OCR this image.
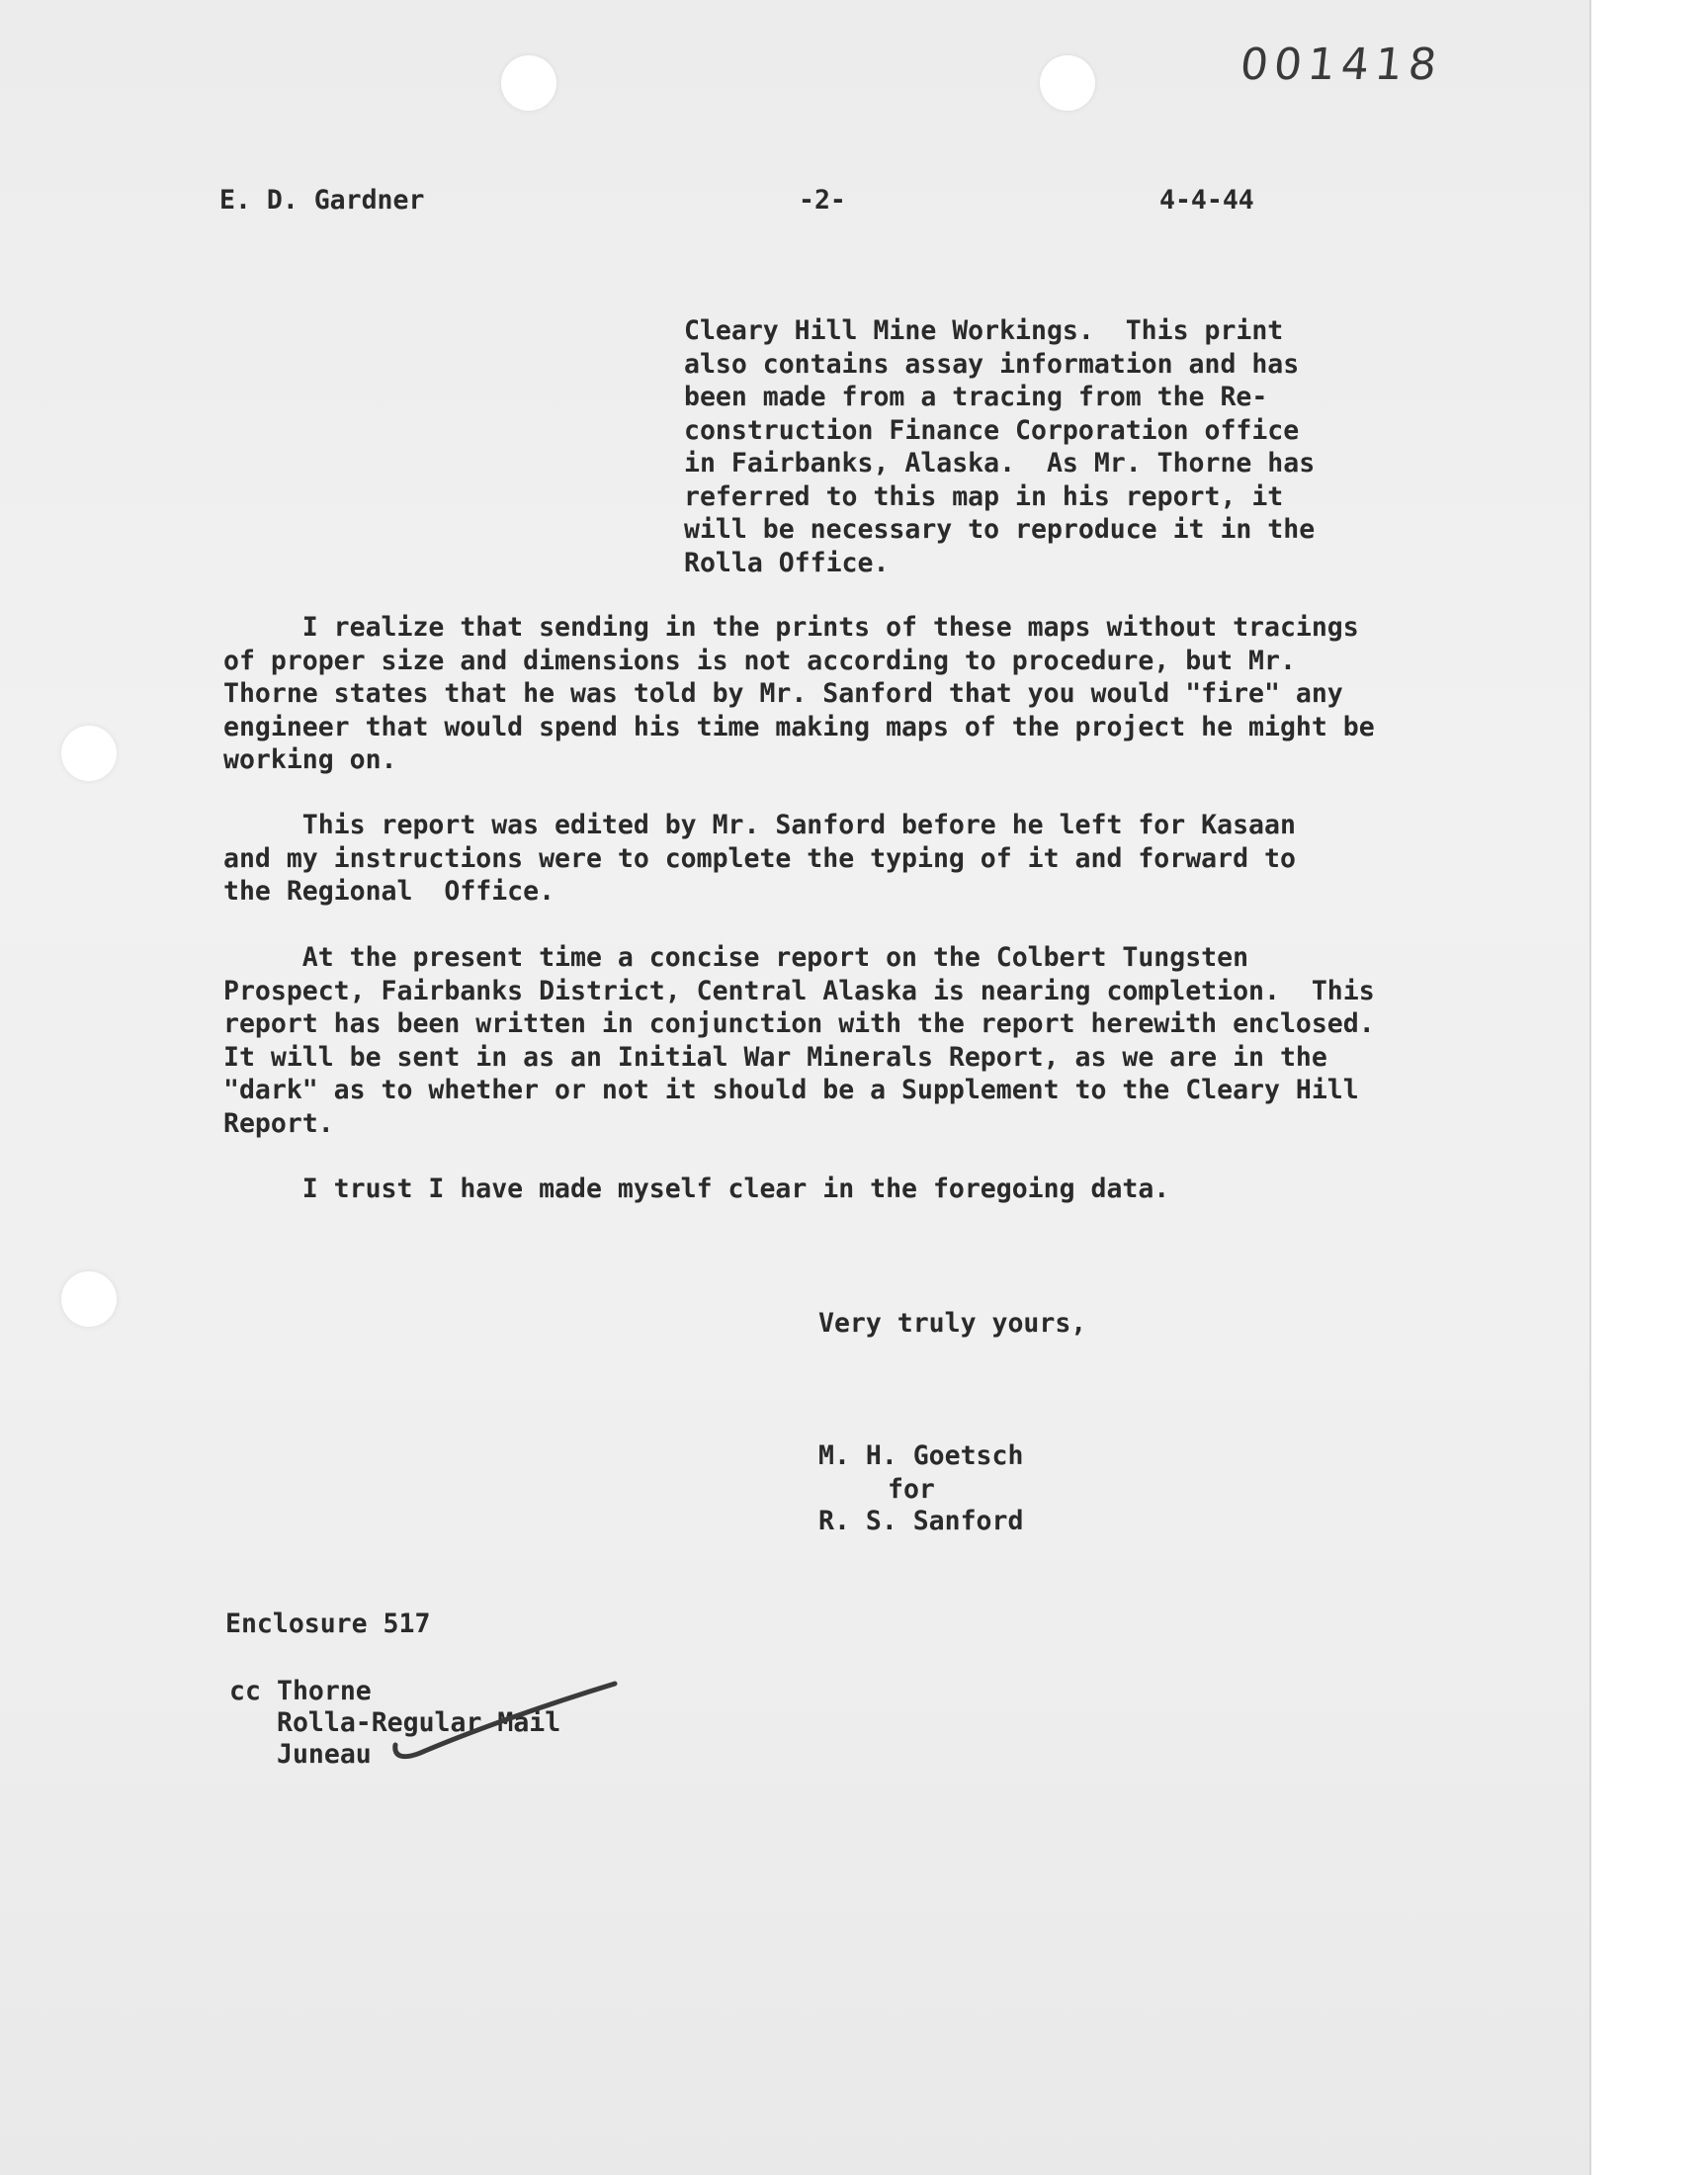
001418
E. D. Gardner	-2-	4-4-44
Cleary Hill Mine Workings.  This print
also contains assay information and has
been made from a tracing from the Re-
construction Finance Corporation office
in Fairbanks, Alaska.  As Mr. Thorne has
referred to this map in his report, it
will be necessary to reproduce it in the
Rolla Office.
I realize that sending in the prints of these maps without tracings
of proper size and dimensions is not according to procedure, but Mr.
Thorne states that he was told by Mr. Sanford that you would "fire" any
engineer that would spend his time making maps of the project he might be
working on.
This report was edited by Mr. Sanford before he left for Kasaan
and my instructions were to complete the typing of it and forward to
the Regional  Office.
At the present time a concise report on the Colbert Tungsten
Prospect, Fairbanks District, Central Alaska is nearing completion.  This
report has been written in conjunction with the report herewith enclosed.
It will be sent in as an Initial War Minerals Report, as we are in the
"dark" as to whether or not it should be a Supplement to the Cleary Hill
Report.
I trust I have made myself clear in the foregoing data.
Very truly yours,
M. H. Goetsch
for
R. S. Sanford
Enclosure 517
cc Thorne
Rolla-Regular Mail
Juneau
